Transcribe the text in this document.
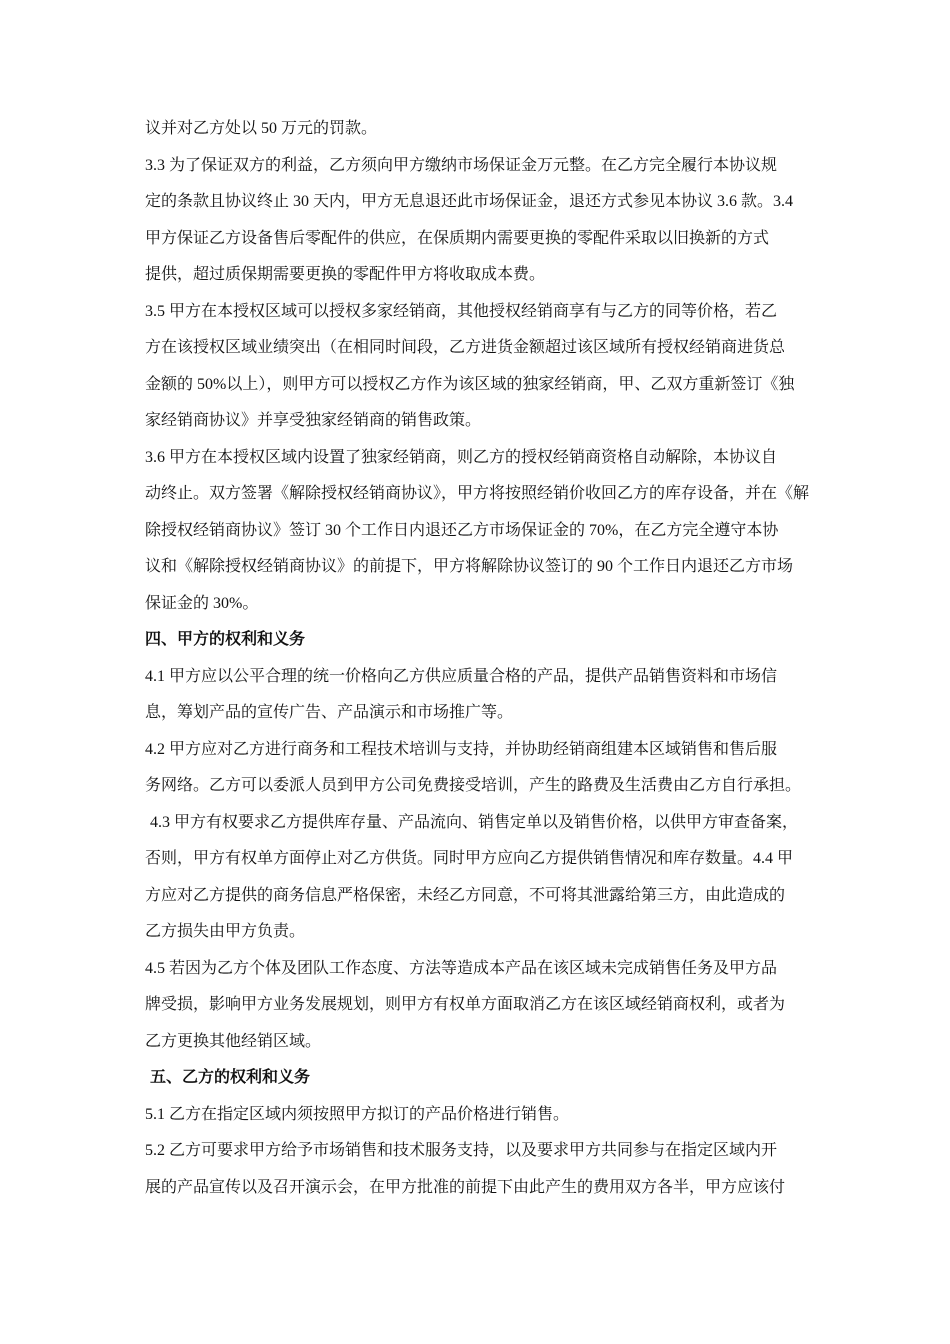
议并对乙方处以 50 万元的罚款。
3.3 为了保证双方的利益，乙方须向甲方缴纳市场保证金万元整。在乙方完全履行本协议规
定的条款且协议终止 30 天内，甲方无息退还此市场保证金，退还方式参见本协议 3.6 款。3.4
甲方保证乙方设备售后零配件的供应，在保质期内需要更换的零配件采取以旧换新的方式
提供，超过质保期需要更换的零配件甲方将收取成本费。
3.5 甲方在本授权区域可以授权多家经销商，其他授权经销商享有与乙方的同等价格，若乙
方在该授权区域业绩突出（在相同时间段，乙方进货金额超过该区域所有授权经销商进货总
金额的 50%以上），则甲方可以授权乙方作为该区域的独家经销商，甲、乙双方重新签订《独
家经销商协议》并享受独家经销商的销售政策。
3.6 甲方在本授权区域内设置了独家经销商，则乙方的授权经销商资格自动解除，本协议自
动终止。双方签署《解除授权经销商协议》，甲方将按照经销价收回乙方的库存设备，并在《解
除授权经销商协议》签订 30 个工作日内退还乙方市场保证金的 70%，在乙方完全遵守本协
议和《解除授权经销商协议》的前提下，甲方将解除协议签订的 90 个工作日内退还乙方市场
保证金的 30%。
四、甲方的权利和义务
4.1 甲方应以公平合理的统一价格向乙方供应质量合格的产品，提供产品销售资料和市场信
息，筹划产品的宣传广告、产品演示和市场推广等。
4.2 甲方应对乙方进行商务和工程技术培训与支持，并协助经销商组建本区域销售和售后服
务网络。乙方可以委派人员到甲方公司免费接受培训，产生的路费及生活费由乙方自行承担。
4.3 甲方有权要求乙方提供库存量、产品流向、销售定单以及销售价格，以供甲方审查备案，
否则，甲方有权单方面停止对乙方供货。同时甲方应向乙方提供销售情况和库存数量。4.4 甲
方应对乙方提供的商务信息严格保密，未经乙方同意，不可将其泄露给第三方，由此造成的
乙方损失由甲方负责。
4.5 若因为乙方个体及团队工作态度、方法等造成本产品在该区域未完成销售任务及甲方品
牌受损，影响甲方业务发展规划，则甲方有权单方面取消乙方在该区域经销商权利，或者为
乙方更换其他经销区域。
五、乙方的权利和义务
5.1 乙方在指定区域内须按照甲方拟订的产品价格进行销售。
5.2 乙方可要求甲方给予市场销售和技术服务支持，以及要求甲方共同参与在指定区域内开
展的产品宣传以及召开演示会，在甲方批准的前提下由此产生的费用双方各半，甲方应该付
